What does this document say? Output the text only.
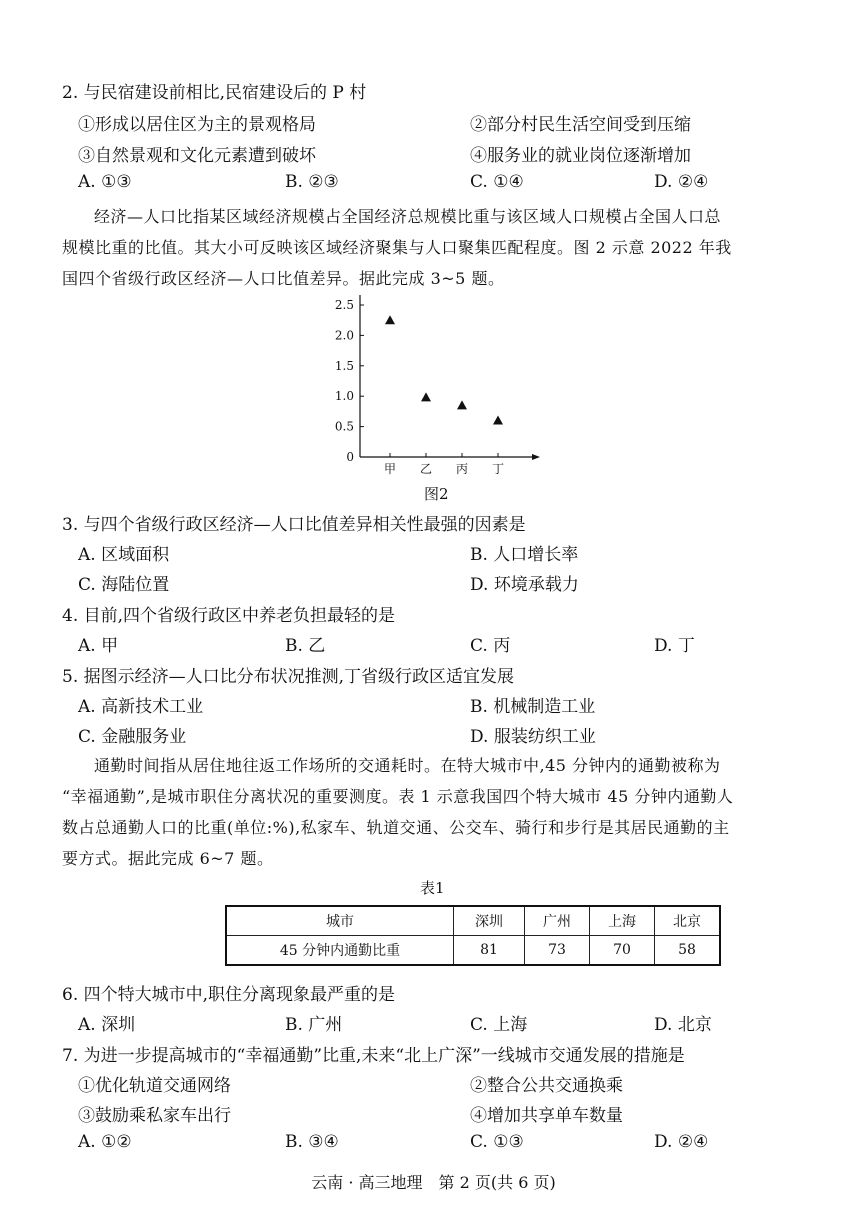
2. 与民宿建设前相比,民宿建设后的 P 村
①形成以居住区为主的景观格局	②部分村民生活空间受到压缩
③自然景观和文化元素遭到破坏	④服务业的就业岗位逐渐增加
A. ①③	B. ②③	C. ①④	D. ②④

经济—人口比指某区域经济规模占全国经济总规模比重与该区域人口规模占全国人口总

规模比重的比值。其大小可反映该区域经济聚集与人口聚集匹配程度。图 2 示意 2022 年我
国四个省级行政区经济—人口比值差异。据此完成 3~5 题。
0
0.5
1.0
1.5
2.0
2.5
甲 乙 丙 丁
图2
3. 与四个省级行政区经济—人口比值差异相关性最强的因素是
A. 区域面积	B. 人口增长率
C. 海陆位置	D. 环境承载力
4. 目前,四个省级行政区中养老负担最轻的是
A. 甲	B. 乙	C. 丙	D. 丁
5. 据图示经济—人口比分布状况推测,丁省级行政区适宜发展
A. 高新技术工业	B. 机械制造工业
C. 金融服务业	D. 服装纺织工业

通勤时间指从居住地往返工作场所的交通耗时。在特大城市中,45 分钟内的通勤被称为

“幸福通勤”,是城市职住分离状况的重要测度。表 1 示意我国四个特大城市 45 分钟内通勤人
数占总通勤人口的比重(单位:%),私家车、轨道交通、公交车、骑行和步行是其居民通勤的主
要方式。据此完成 6~7 题。
表1
城市	深圳	广州	上海	北京
45 分钟内通勤比重	81	73	70	58
6. 四个特大城市中,职住分离现象最严重的是
A. 深圳	B. 广州	C. 上海	D. 北京
7. 为进一步提高城市的“幸福通勤”比重,未来“北上广深”一线城市交通发展的措施是
①优化轨道交通网络	②整合公共交通换乘
③鼓励乘私家车出行	④增加共享单车数量
A. ①②	B. ③④	C. ①③	D. ②④
云南 · 高三地理　第 2 页(共 6 页)
